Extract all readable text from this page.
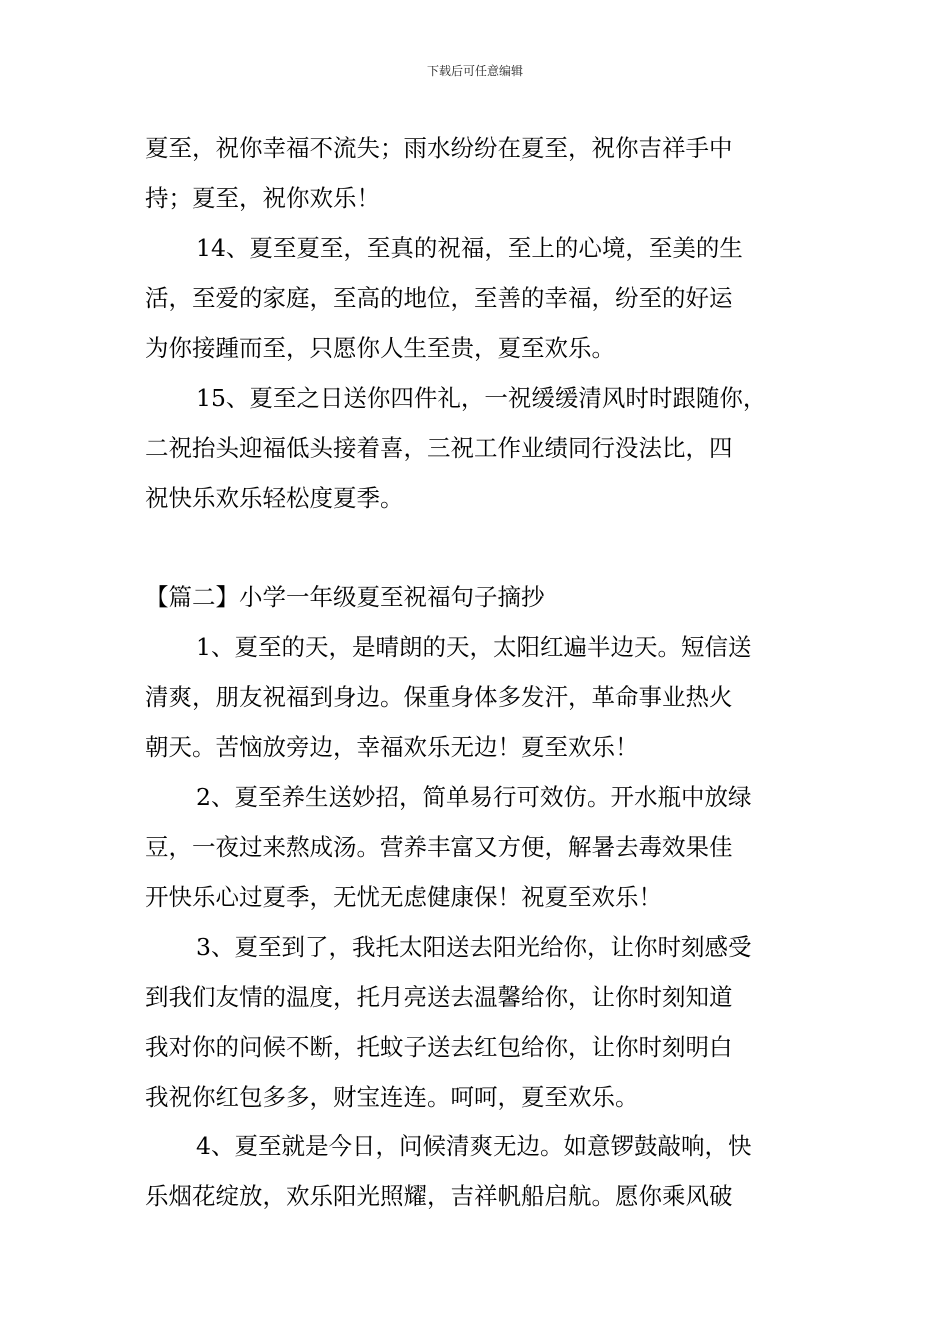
下载后可任意编辑
夏至，祝你幸福不流失；雨水纷纷在夏至，祝你吉祥手中
持；夏至，祝你欢乐！
14、夏至夏至，至真的祝福，至上的心境，至美的生
活，至爱的家庭，至高的地位，至善的幸福，纷至的好运
为你接踵而至，只愿你人生至贵，夏至欢乐。
15、夏至之日送你四件礼，一祝缓缓清风时时跟随你，
二祝抬头迎福低头接着喜，三祝工作业绩同行没法比，四
祝快乐欢乐轻松度夏季。
【篇二】小学一年级夏至祝福句子摘抄
1、夏至的天，是晴朗的天，太阳红遍半边天。短信送
清爽，朋友祝福到身边。保重身体多发汗，革命事业热火
朝天。苦恼放旁边，幸福欢乐无边！夏至欢乐！
2、夏至养生送妙招，简单易行可效仿。开水瓶中放绿
豆，一夜过来熬成汤。营养丰富又方便，解暑去毒效果佳
开快乐心过夏季，无忧无虑健康保！祝夏至欢乐！
3、夏至到了，我托太阳送去阳光给你，让你时刻感受
到我们友情的温度，托月亮送去温馨给你，让你时刻知道
我对你的问候不断，托蚊子送去红包给你，让你时刻明白
我祝你红包多多，财宝连连。呵呵，夏至欢乐。
4、夏至就是今日，问候清爽无边。如意锣鼓敲响，快
乐烟花绽放，欢乐阳光照耀，吉祥帆船启航。愿你乘风破
